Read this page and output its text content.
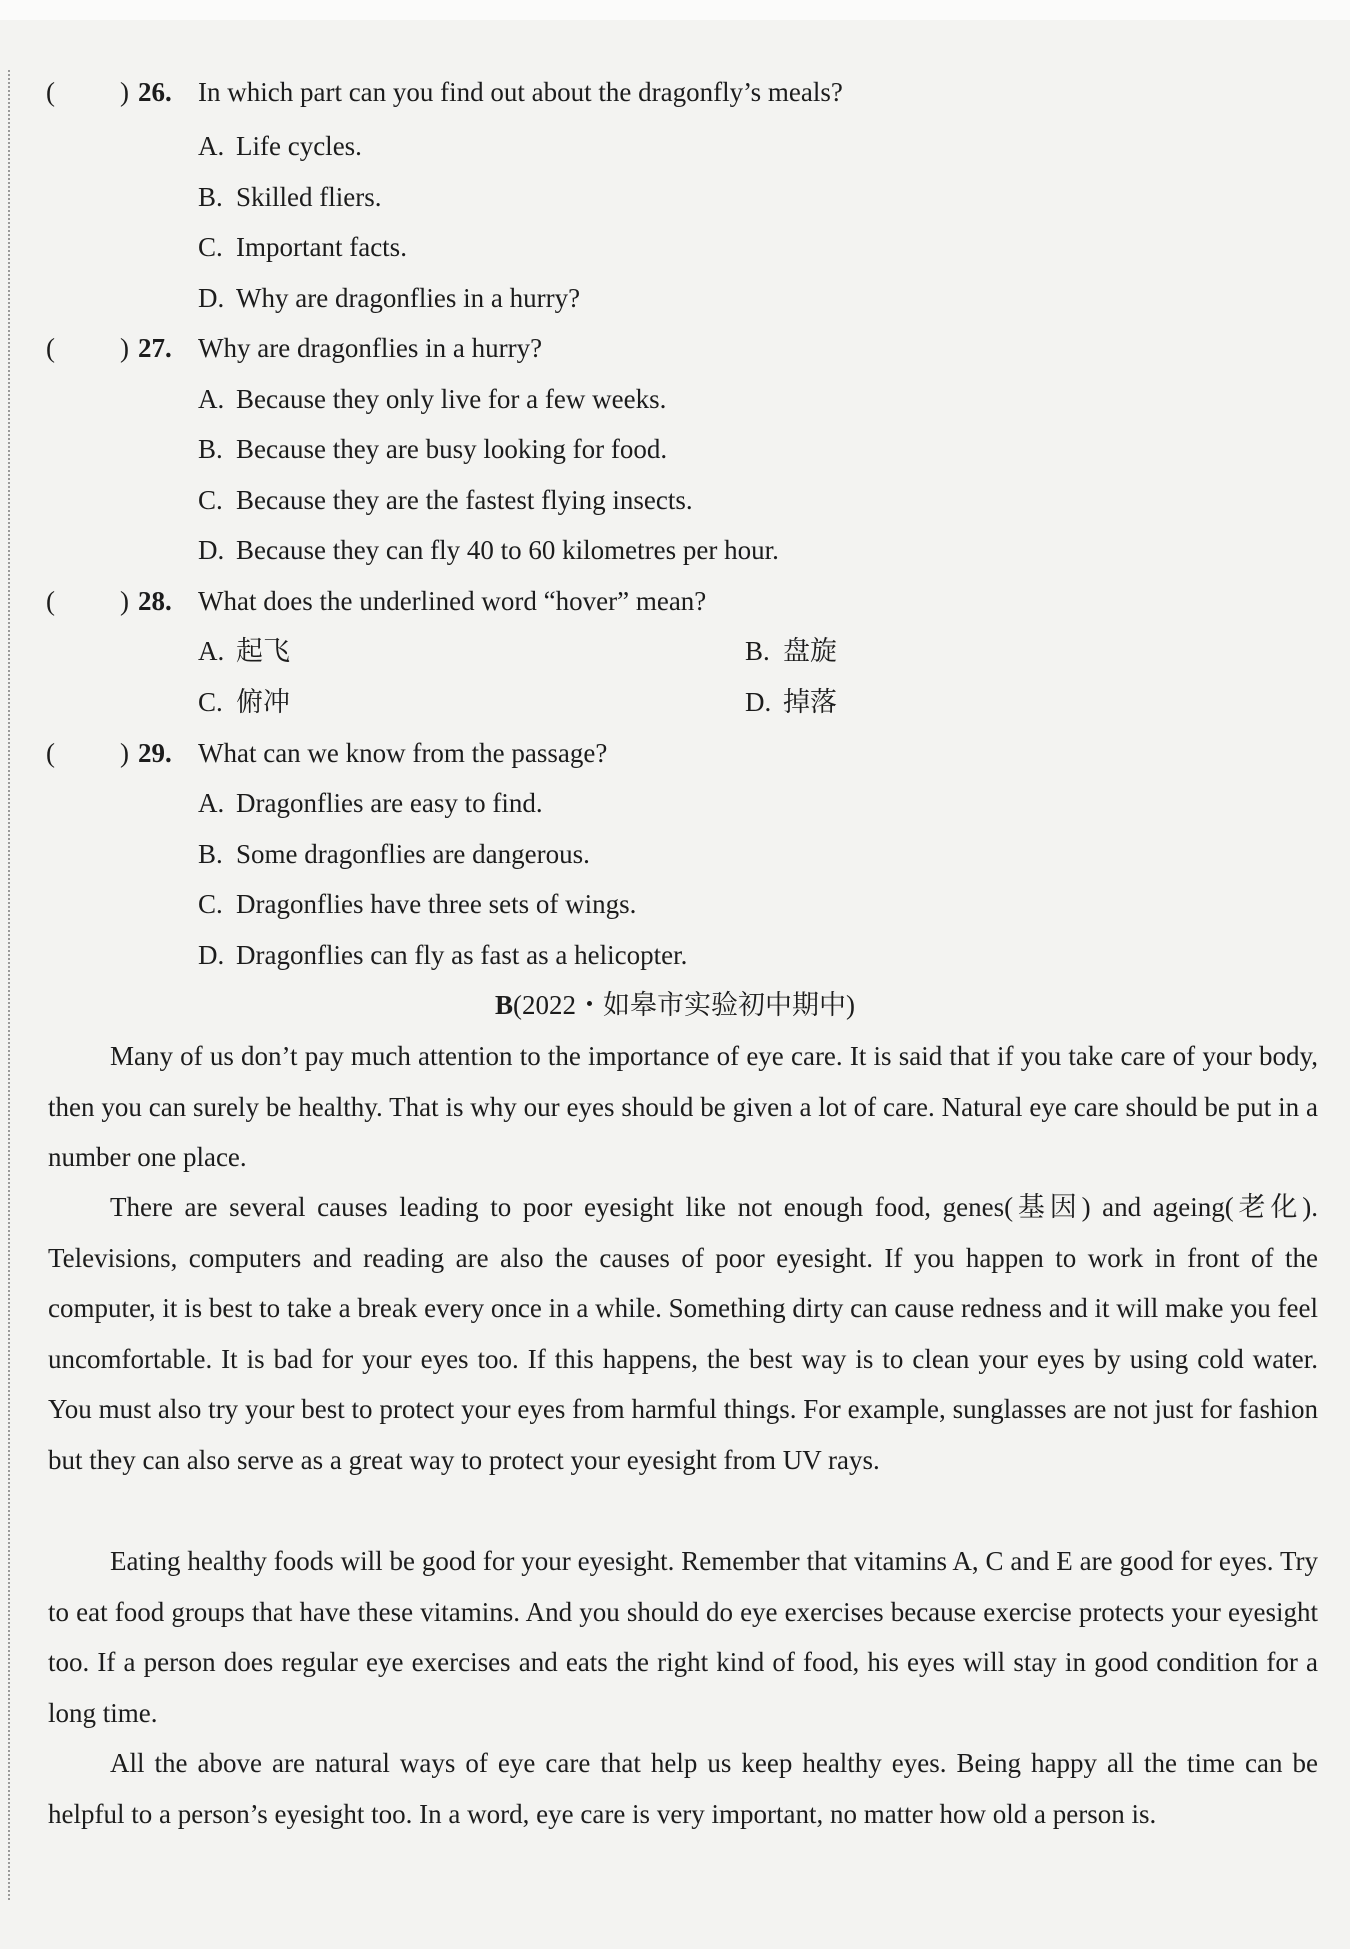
( ) 26. In which part can you find out about the dragonfly’s meals?
A. Life cycles.
B. Skilled fliers.
C. Important facts.
D. Why are dragonflies in a hurry?
( ) 27. Why are dragonflies in a hurry?
A. Because they only live for a few weeks.
B. Because they are busy looking for food.
C. Because they are the fastest flying insects.
D. Because they can fly 40 to 60 kilometres per hour.
( ) 28. What does the underlined word “hover” mean?
A. 起飞	B. 盘旋
C. 俯冲	D. 掉落
( ) 29. What can we know from the passage?
A. Dragonflies are easy to find.
B. Some dragonflies are dangerous.
C. Dragonflies have three sets of wings.
D. Dragonflies can fly as fast as a helicopter.
B(2022・如皋市实验初中期中)
Many of us don’t pay much attention to the importance of eye care. It is said that if you take care of your body, then you can surely be healthy. That is why our eyes should be given a lot of care. Natural eye care should be put in a number one place.
There are several causes leading to poor eyesight like not enough food, genes(基因) and ageing(老化). Televisions, computers and reading are also the causes of poor eyesight. If you happen to work in front of the computer, it is best to take a break every once in a while. Something dirty can cause redness and it will make you feel uncomfortable. It is bad for your eyes too. If this happens, the best way is to clean your eyes by using cold water. You must also try your best to protect your eyes from harmful things. For example, sunglasses are not just for fashion but they can also serve as a great way to protect your eyesight from UV rays.
Eating healthy foods will be good for your eyesight. Remember that vitamins A, C and E are good for eyes. Try to eat food groups that have these vitamins. And you should do eye exercises because exercise protects your eyesight too. If a person does regular eye exercises and eats the right kind of food, his eyes will stay in good condition for a long time.
All the above are natural ways of eye care that help us keep healthy eyes. Being happy all the time can be helpful to a person’s eyesight too. In a word, eye care is very important, no matter how old a person is.
